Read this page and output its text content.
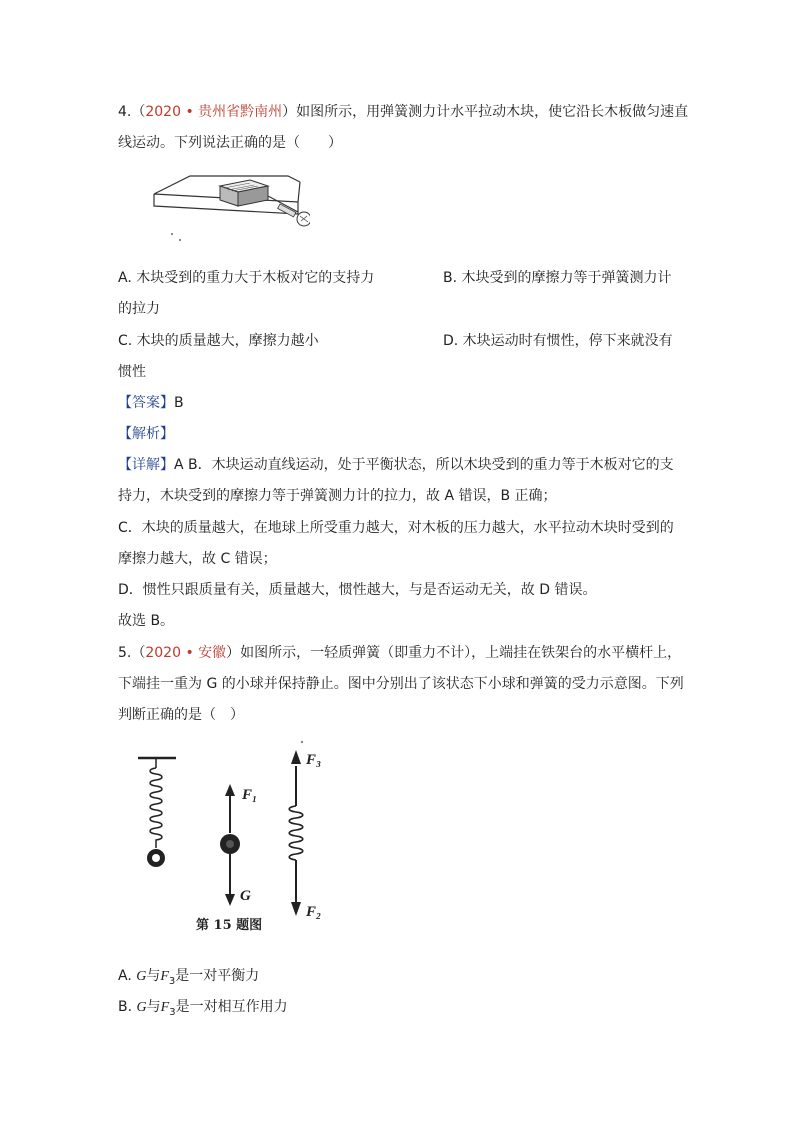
4.（2020 • 贵州省黔南州）如图所示，用弹簧测力计水平拉动木块，使它沿长木板做匀速直
线运动。下列说法正确的是（　　）
A. 木块受到的重力大于木板对它的支持力	B. 木块受到的摩擦力等于弹簧测力计
的拉力
C. 木块的质量越大，摩擦力越小	D. 木块运动时有惯性，停下来就没有
惯性
【答案】B
【解析】
【详解】A B．木块运动直线运动，处于平衡状态，所以木块受到的重力等于木板对它的支
持力，木块受到的摩擦力等于弹簧测力计的拉力，故 A 错误，B 正确；
C．木块的质量越大，在地球上所受重力越大，对木板的压力越大，水平拉动木块时受到的
摩擦力越大，故 C 错误；
D．惯性只跟质量有关，质量越大，惯性越大，与是否运动无关，故 D 错误。
故选 B。
5.（2020 • 安徽）如图所示，一轻质弹簧（即重力不计），上端挂在铁架台的水平横杆上，
下端挂一重为 G 的小球并保持静止。图中分别出了该状态下小球和弹簧的受力示意图。下列
判断正确的是（　）
F₁
G
F₃
F₂
第 15 题图
A. G与$F_3$是一对平衡力
B. G与$F_3$是一对相互作用力
